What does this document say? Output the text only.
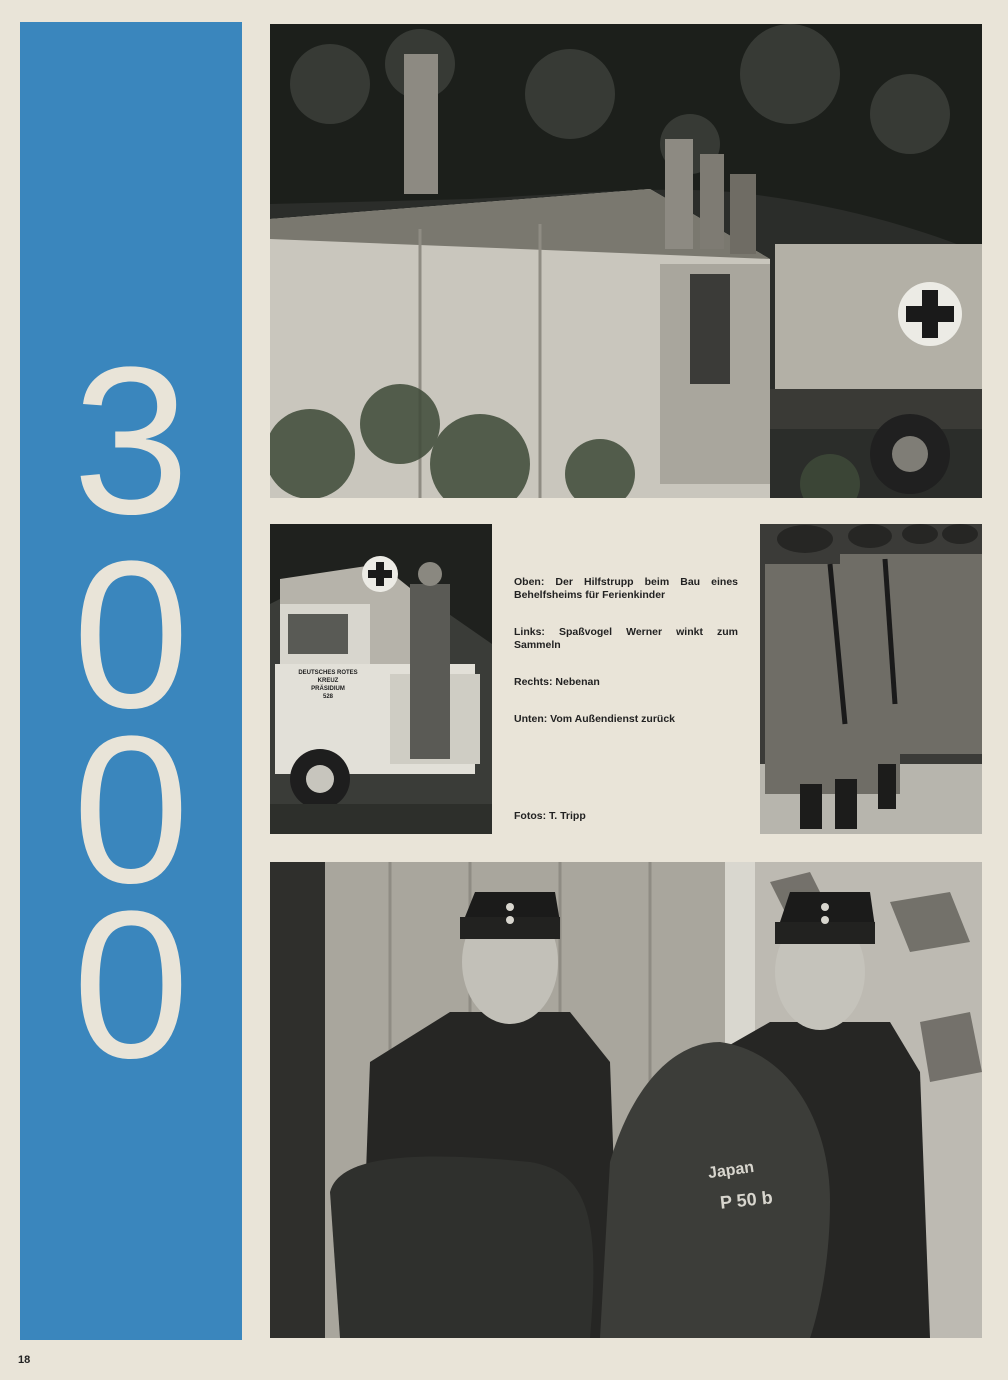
3
0
0
0
DEUTSCHES ROTES KREUZ
PRÄSIDIUM
528

Oben: Der Hilfstrupp beim Bau eines Behelfsheims für Ferienkinder

Links: Spaßvogel Werner winkt zum Sammeln

Rechts: Nebenan

Unten: Vom Außendienst zurück

Fotos: T. Tripp

Japan
P 50 b
18
